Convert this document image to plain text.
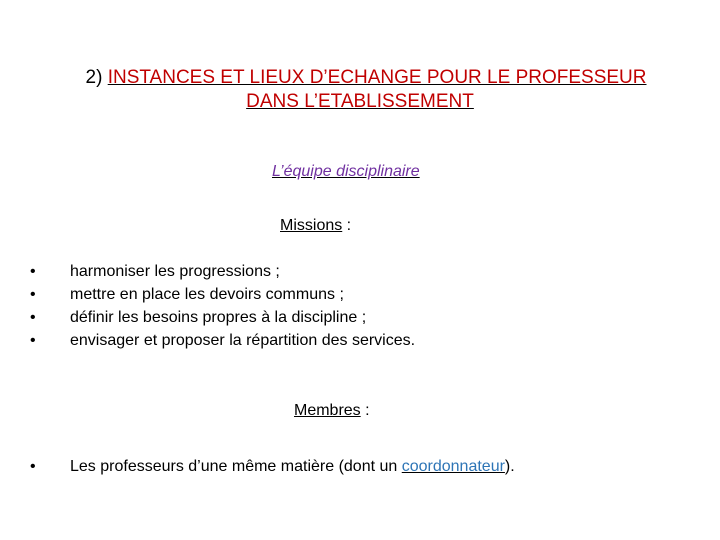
2) INSTANCES ET LIEUX D’ECHANGE POUR LE PROFESSEUR
DANS L’ETABLISSEMENT
L’équipe disciplinaire
Missions :
• harmoniser les progressions ;
• mettre en place les devoirs communs ;
• définir les besoins propres à la discipline ;
• envisager et proposer la répartition des services.
Membres :
• Les professeurs d’une même matière (dont un coordonnateur).
